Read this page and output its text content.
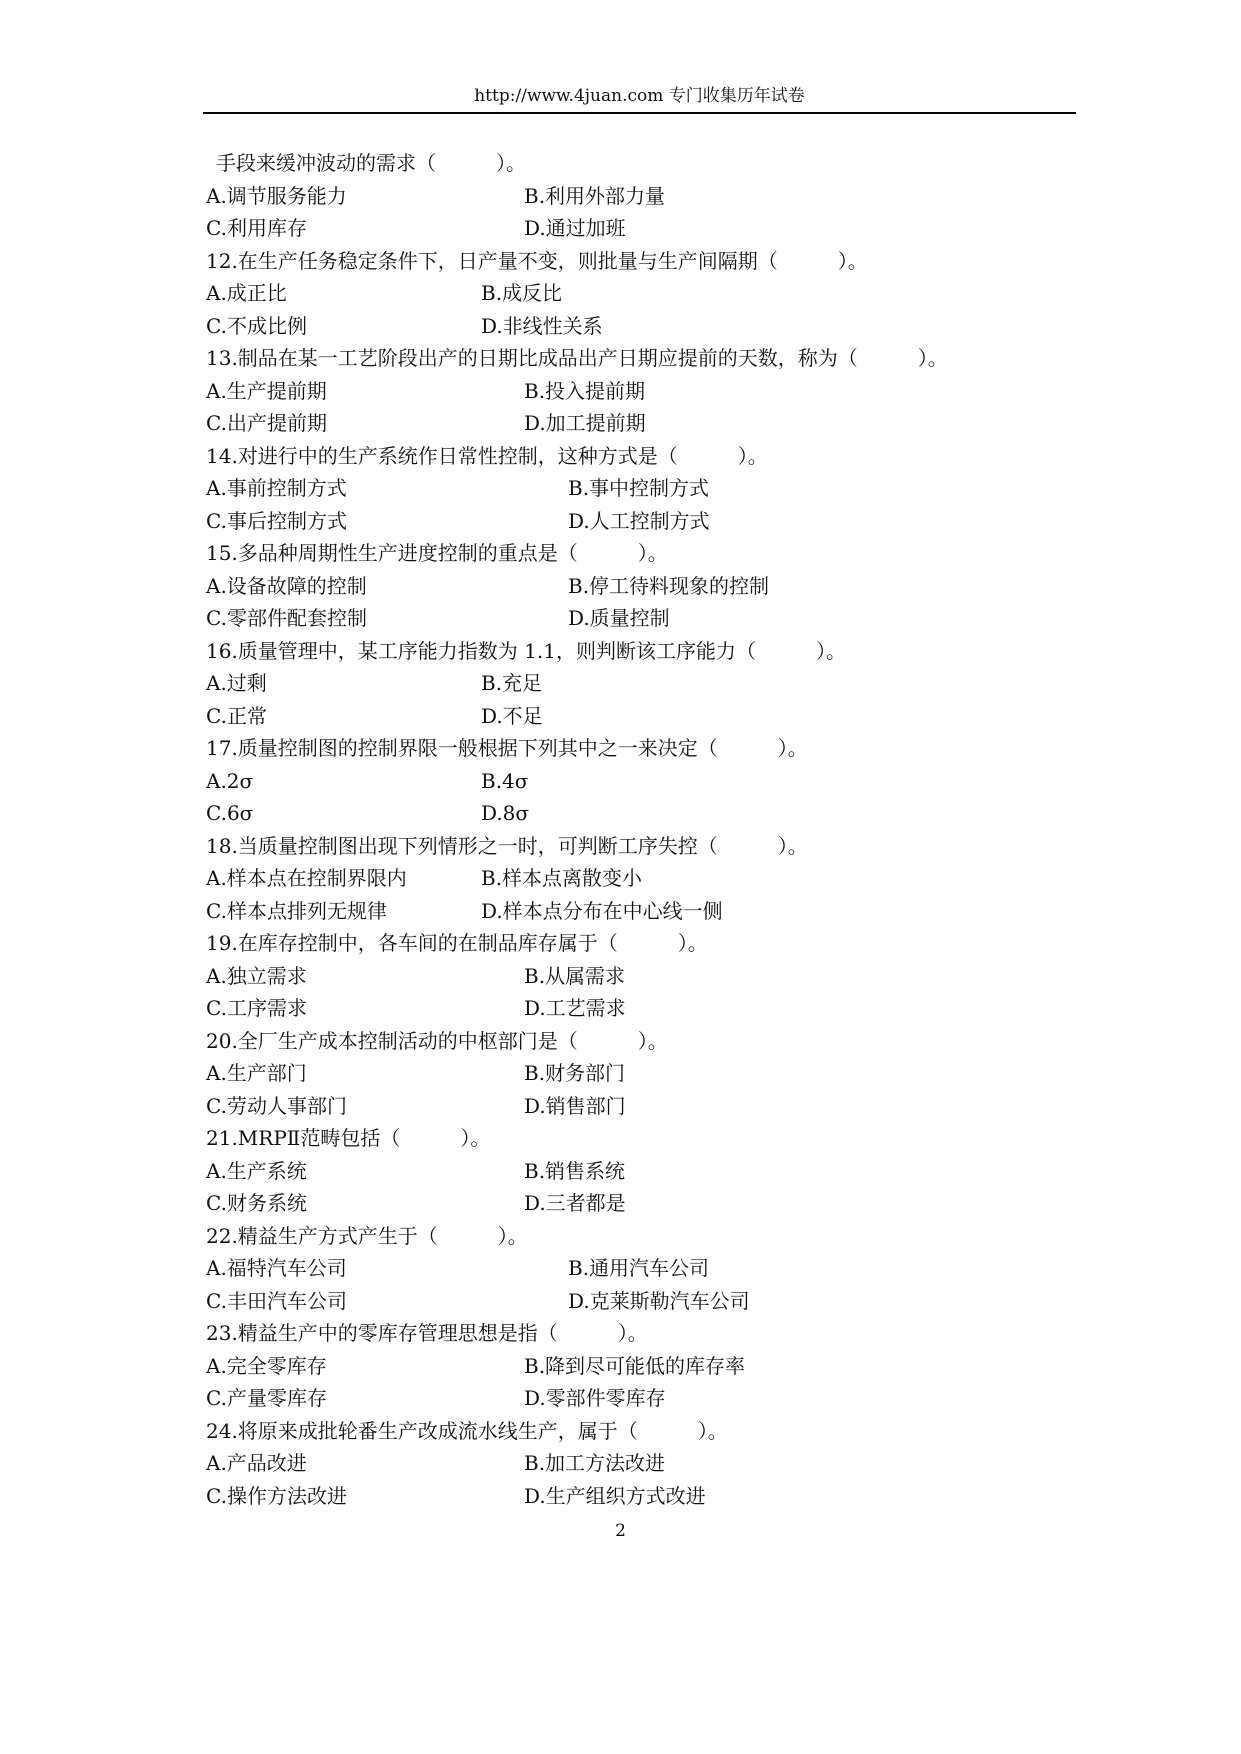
http://www.4juan.com 专门收集历年试卷
手段来缓冲波动的需求（　　　）。
A.调节服务能力	B.利用外部力量
C.利用库存	D.通过加班
12.在生产任务稳定条件下，日产量不变，则批量与生产间隔期（　　　）。
A.成正比	B.成反比
C.不成比例	D.非线性关系
13.制品在某一工艺阶段出产的日期比成品出产日期应提前的天数，称为（　　　）。
A.生产提前期	B.投入提前期
C.出产提前期	D.加工提前期
14.对进行中的生产系统作日常性控制，这种方式是（　　　）。
A.事前控制方式	B.事中控制方式
C.事后控制方式	D.人工控制方式
15.多品种周期性生产进度控制的重点是（　　　）。
A.设备故障的控制	B.停工待料现象的控制
C.零部件配套控制	D.质量控制
16.质量管理中，某工序能力指数为 1.1，则判断该工序能力（　　　）。
A.过剩	B.充足
C.正常	D.不足
17.质量控制图的控制界限一般根据下列其中之一来决定（　　　）。
A.2σ	B.4σ
C.6σ	D.8σ
18.当质量控制图出现下列情形之一时，可判断工序失控（　　　）。
A.样本点在控制界限内	B.样本点离散变小
C.样本点排列无规律	D.样本点分布在中心线一侧
19.在库存控制中，各车间的在制品库存属于（　　　）。
A.独立需求	B.从属需求
C.工序需求	D.工艺需求
20.全厂生产成本控制活动的中枢部门是（　　　）。
A.生产部门	B.财务部门
C.劳动人事部门	D.销售部门
21.MRPⅡ范畴包括（　　　）。
A.生产系统	B.销售系统
C.财务系统	D.三者都是
22.精益生产方式产生于（　　　）。
A.福特汽车公司	B.通用汽车公司
C.丰田汽车公司	D.克莱斯勒汽车公司
23.精益生产中的零库存管理思想是指（　　　）。
A.完全零库存	B.降到尽可能低的库存率
C.产量零库存	D.零部件零库存
24.将原来成批轮番生产改成流水线生产，属于（　　　）。
A.产品改进	B.加工方法改进
C.操作方法改进	D.生产组织方式改进
2
